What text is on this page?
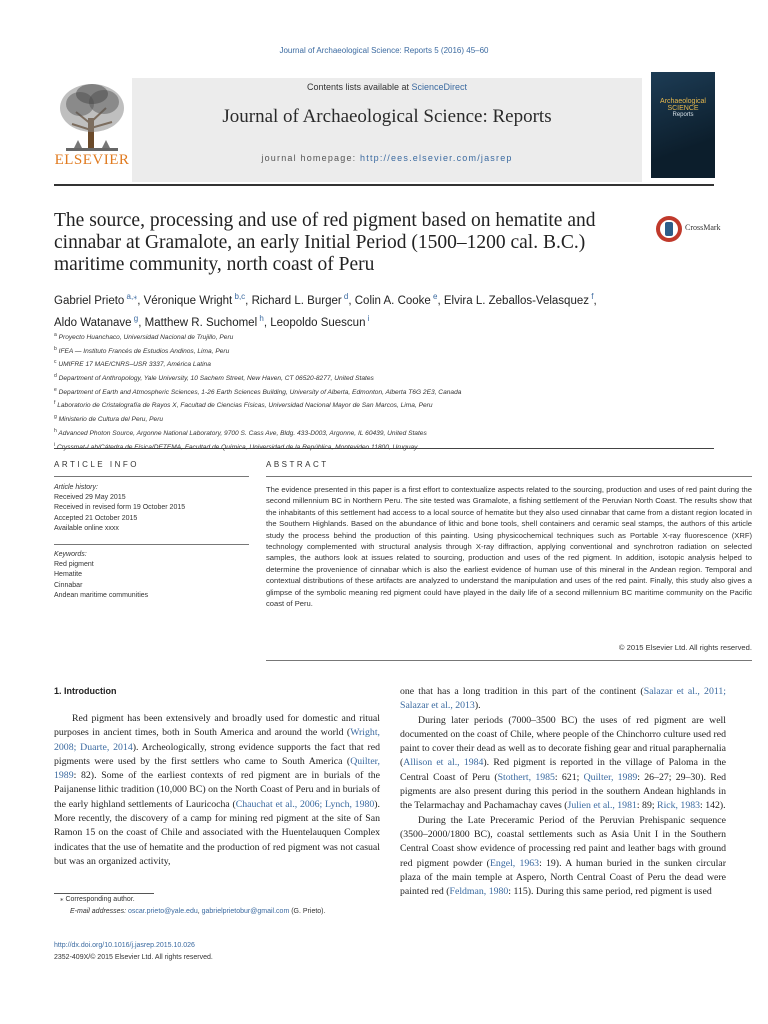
Journal of Archaeological Science: Reports 5 (2016) 45–60
ELSEVIER
Contents lists available at ScienceDirect
Journal of Archaeological Science: Reports
journal homepage: http://ees.elsevier.com/jasrep
Archaeological
SCIENCE
Reports
The source, processing and use of red pigment based on hematite and cinnabar at Gramalote, an early Initial Period (1500–1200 cal. B.C.) maritime community, north coast of Peru
CrossMark
Gabriel Prieto $^{a,⁎}$, Véronique Wright $^{b,c}$, Richard L. Burger $^d$, Colin A. Cooke $^e$, Elvira L. Zeballos-Velasquez $^f$,
Aldo Watanave $^g$, Matthew R. Suchomel $^h$, Leopoldo Suescun $^i$
$^a$ Proyecto Huanchaco, Universidad Nacional de Trujillo, Peru
$^b$ IFEA — Instituto Francés de Estudios Andinos, Lima, Peru
$^c$ UMIFRE 17 MAE/CNRS–USR 3337, América Latina
$^d$ Department of Anthropology, Yale University, 10 Sachem Street, New Haven, CT 06520-8277, United States
$^e$ Department of Earth and Atmospheric Sciences, 1-26 Earth Sciences Building, University of Alberta, Edmonton, Alberta T6G 2E3, Canada
$^f$ Laboratorio de Cristalografía de Rayos X, Facultad de Ciencias Físicas, Universidad Nacional Mayor de San Marcos, Lima, Peru
$^g$ Ministerio de Cultura del Peru, Peru
$^h$ Advanced Photon Source, Argonne National Laboratory, 9700 S. Cass Ave, Bldg. 433-D003, Argonne, IL 60439, United States
$^i$
ARTICLE INFO
Article history:
Received 29 May 2015
Received in revised form 19 October 2015
Accepted 21 October 2015
Available online xxxx
Keywords:
Red pigment
Hematite
Cinnabar
Andean maritime communities
ABSTRACT
The evidence presented in this paper is a first effort to contextualize aspects related to the sourcing, production and uses of red paint during the second millennium BC in Northern Peru. The site tested was Gramalote, a fishing settlement of the Peruvian North Coast. The results show that the inhabitants of this settlement had access to a local source of hematite but they also used cinnabar that came from a distant region located in the Southern Highlands. Based on the abundance of lithic and bone tools, shell containers and ceramic seal stamps, the authors of this article study the process behind the production of this painting. Using physicochemical techniques such as Portable X-ray fluorescence (XRF) technology complemented with structural analysis through X-ray diffraction, applying conventional and synchrotron radiation on selected samples, the authors look at issues related to sourcing, production and uses of the red pigment. In addition, isotopic analysis helped to determine the provenience of cinnabar which is also the earliest evidence of human use of this mineral in the Andean region. Temporal and contextual distributions of these artifacts are analyzed to understand the manipulation and uses of the red paint. Finally, this study also gives a glimpse of the symbolic meaning red pigment could have played in the daily life of a second millennium BC maritime community on the Pacific coast of Peru.
© 2015 Elsevier Ltd. All rights reserved.
1. Introduction

Red pigment has been extensively and broadly used for domestic and ritual purposes in ancient times, both in South America and around the world (Wright, 2008; Duarte, 2014). Archeologically, strong evidence supports the fact that red pigments were used by the first settlers who came to South America (Quilter, 1989: 82). Some of the earliest contexts of red pigment are in burials of the Paijanense lithic tradition (10,000 BC) on the North Coast of Peru and in burials of the early highland settlements of Lauricocha (Chauchat et al., 2006; Lynch, 1980). More recently, the discovery of a camp for mining red pigment at the site of San Ramon 15 on the coast of Chile and associated with the Huentelauquen Complex indicates that the use of hematite and the production of red pigment was not casual but was an organized activity,

one that has a long tradition in this part of the continent (Salazar et al., 2011; Salazar et al., 2013).

During later periods (7000–3500 BC) the uses of red pigment are well documented on the coast of Chile, where people of the Chinchorro culture used red paint to cover their dead as well as to decorate fishing gear and ritual paraphernalia (Allison et al., 1984). Red pigment is reported in the village of Paloma in the Central Coast of Peru (Stothert, 1985: 621; Quilter, 1989: 26–27; 29–30). Red pigments are also present during this period in the southern Andean highlands in the Telarmachay and Pachamachay caves (Julien et al., 1981: 89; Rick, 1983: 142).

During the Late Preceramic Period of the Peruvian Prehispanic sequence (3500–2000/1800 BC), coastal settlements such as Asia Unit I in the Southern Central Coast show evidence of processing red paint and leather bags with ground red pigment powder (Engel, 1963: 19). A human buried in the sunken circular plaza of the main temple at Aspero, North Central Coast of Peru the dead were painted red (Feldman, 1980: 115). During this same period, red pigment is used

⁎ Corresponding author.
E-mail addresses: oscar.prieto@yale.edu, gabrielprietobur@gmail.com (G. Prieto).
http://dx.doi.org/10.1016/j.jasrep.2015.10.026
2352-409X/© 2015 Elsevier Ltd. All rights reserved.
